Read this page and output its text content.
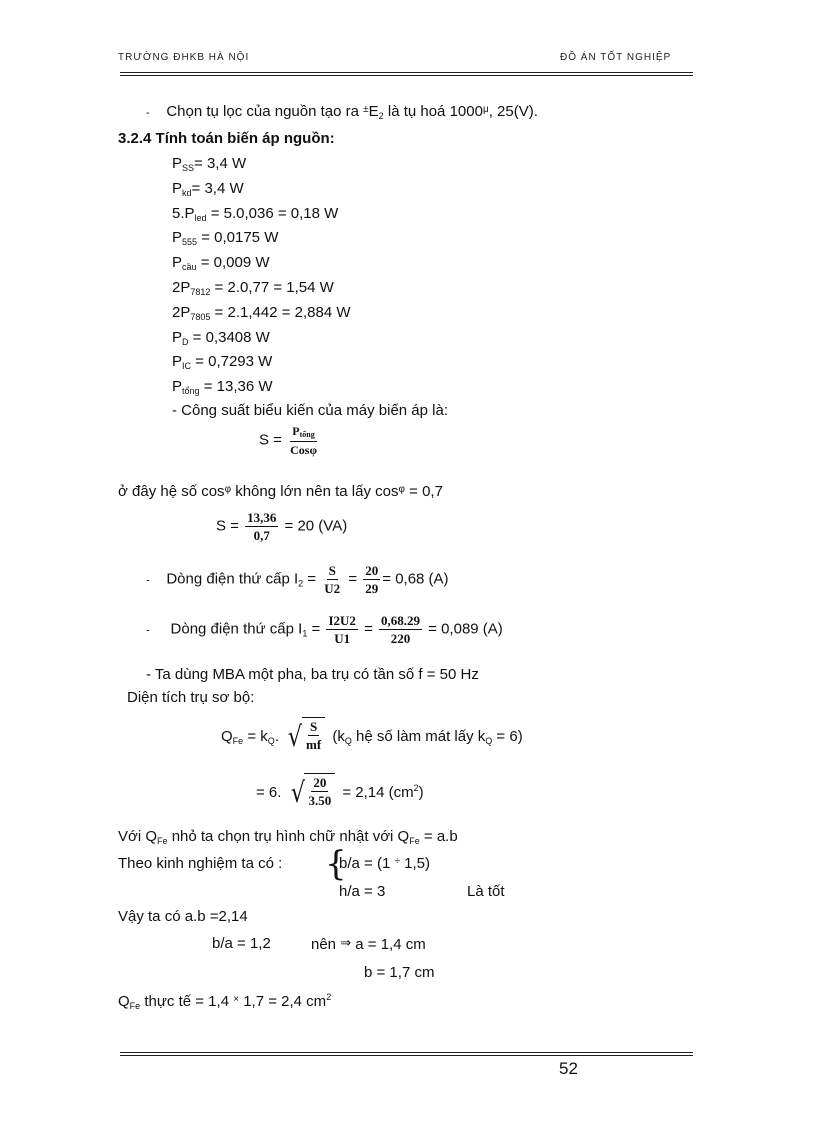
TRƯỜNG ĐHKB HÀ NỘI	ĐỒ ÁN TỐT NGHIỆP
- Chọn tụ lọc của nguồn tạo ra $^\pm E_2$ là tụ hoá $1000^\mu$, 25(V).
3.2.4 Tính toán biến áp nguồn:
$P_{SS}= 3,4$ W
$P_{kd}= 3,4$ W
$5.P_{led} = 5.0,036 = 0,18$ W
$P_{555} = 0,0175$ W
$P_{cầu} = 0,009$ W
$2P_{7812} = 2.0,77 = 1,54$ W
$2P_{7805} = 2.1,442 = 2,884$ W
$P_D = 0,3408$ W
$P_{IC} = 0,7293$ W
$P_{tổng} = 13,36$ W
- Công suất biểu kiến của máy biến áp là:
$S = \frac{\text{Ptổng}}{\text{Cosφ}}$
ở đây hệ số $\cos^\varphi$ không lớn nên ta lấy $\cos^\varphi = 0,7$
$S = \frac{13,36}{0,7} = 20$ (VA)
- Dòng điện thứ cấp $I_2 = \frac{S}{U2} = \frac{20}{29} = 0,68$ (A)
- Dòng điện thứ cấp $I_1 = \frac{I2U2}{U1} = \frac{0,68.29}{220} = 0,089$ (A)
- Ta dùng MBA một pha, ba trụ có tần số f = 50 Hz
Diện tích trụ sơ bộ:
$Q_{Fe} = k_Q$. √ $\frac{S}{mf} (k_Q$ hệ số làm mát lấy $k_Q = 6$)
= 6. √ $\frac{20}{3.50} = 2,14$ $(cm^2)$
Với $Q_{Fe}$ nhỏ ta chọn trụ hình chữ nhật với $Q_{Fe} = a.b$
Theo kinh nghiệm ta có : {
b/a = (1 ÷ 1,5)
h/a = 3	Là tốt
Vậy ta có a.b =2,14
b/a = 1,2	nên ⇒ a = 1,4 cm
b = 1,7 cm
$Q_{Fe}$ thực tế = 1,4 × 1,7 = 2,4 $cm^2$
52
